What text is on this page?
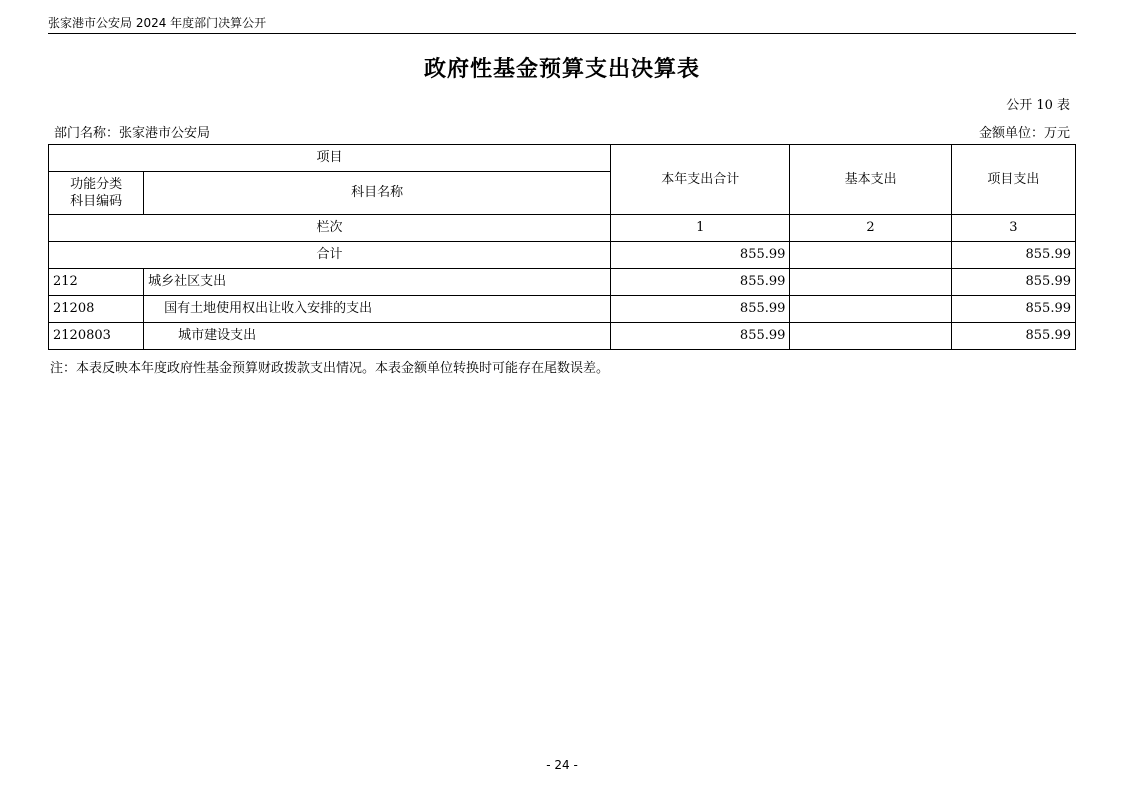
张家港市公安局 2024 年度部门决算公开
政府性基金预算支出决算表
公开 10 表
部门名称：张家港市公安局	金额单位：万元
项目		本年支出合计	基本支出	项目支出
功能分类
科目编码	科目名称			
栏次		1	2	3
合计		855.99		855.99
212	城乡社区支出	855.99		855.99
21208	国有土地使用权出让收入安排的支出	855.99		855.99
2120803	城市建设支出	855.99		855.99
注：本表反映本年度政府性基金预算财政拨款支出情况。本表金额单位转换时可能存在尾数误差。
- 24 -
